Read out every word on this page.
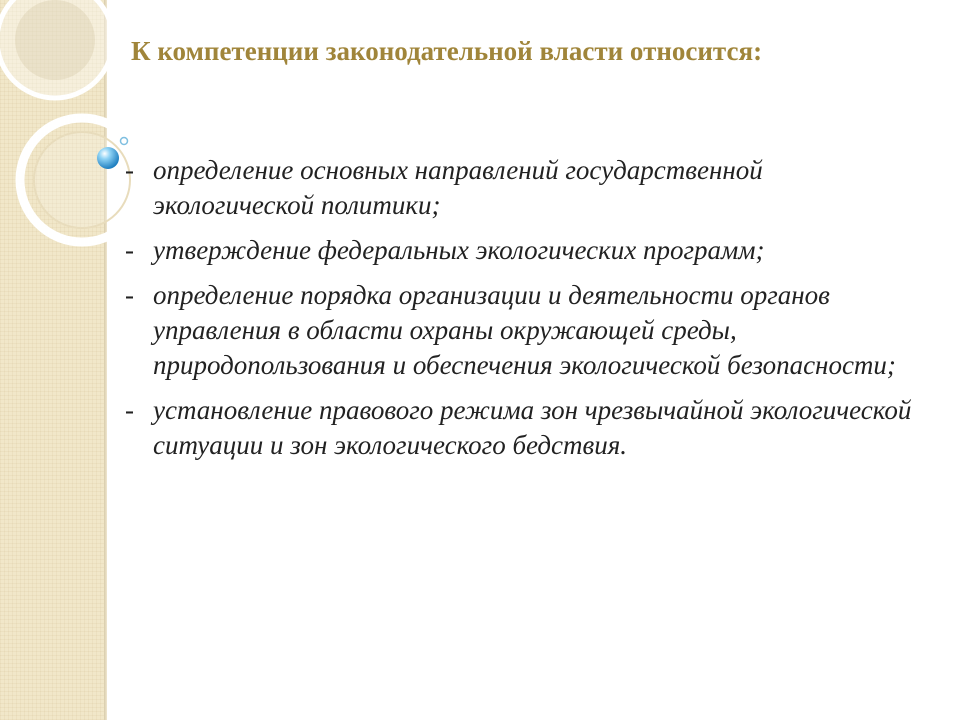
К компетенции законодательной власти относится:
- определение основных направлений государственной экологической политики;
- утверждение федеральных экологических программ;
- определение порядка организации и деятельности органов управления в области охраны окружающей среды, природопользования и обеспечения экологической безопасности;
- установление правового режима зон чрезвычайной экологической ситуации и зон экологического бедствия.
